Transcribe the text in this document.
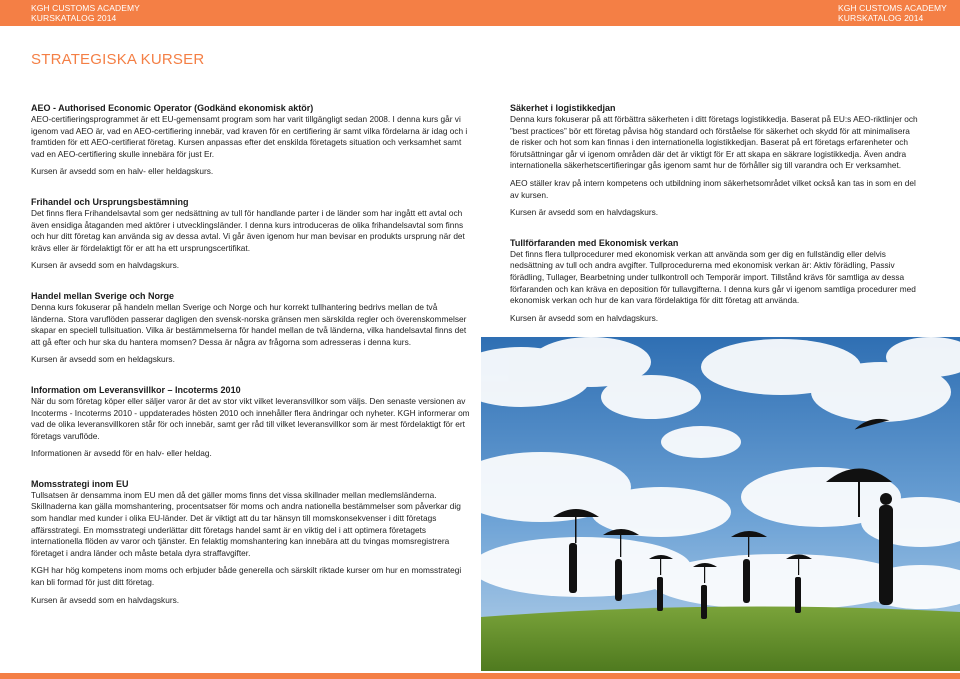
KGH CUSTOMS ACADEMY
KURSKATALOG 2014
KGH CUSTOMS ACADEMY
KURSKATALOG 2014
STRATEGISKA KURSER
AEO - Authorised Economic Operator (Godkänd ekonomisk aktör)

AEO-certifieringsprogrammet är ett EU-gemensamt program som har varit tillgängligt sedan 2008. I denna kurs går vi igenom vad AEO är, vad en AEO-certifiering innebär, vad kraven för en certifiering är samt vilka fördelarna är idag och i framtiden för ett AEO-certifierat företag. Kursen anpassas efter det enskilda företagets situation och verksamhet samt vad en AEO-certifiering skulle innebära för just Er.

Kursen är avsedd som en halv- eller heldagskurs.

Frihandel och Ursprungsbestämning

Det finns flera Frihandelsavtal som ger nedsättning av tull för handlande parter i de länder som har ingått ett avtal och även ensidiga åtaganden med aktörer i utvecklingsländer. I denna kurs introduceras de olika frihandelsavtal som finns och hur ditt företag kan använda sig av dessa avtal. Vi går även igenom hur man bevisar en produkts ursprung när det krävs eller är fördelaktigt för er att ha ett ursprungscertifikat.

Kursen är avsedd som en halvdagskurs.

Handel mellan Sverige och Norge

Denna kurs fokuserar på handeln mellan Sverige och Norge och hur korrekt tullhantering bedrivs mellan de två länderna. Stora varuflöden passerar dagligen den svensk-norska gränsen men särskilda regler och överenskommelser skapar en speciell tullsituation. Vilka är bestämmelserna för handel mellan de två länderna, vilka handelsavtal finns det att gå efter och hur ska du hantera momsen? Dessa är några av frågorna som adresseras i denna kurs.

Kursen är avsedd som en heldagskurs.

Information om Leveransvillkor – Incoterms 2010

När du som företag köper eller säljer varor är det av stor vikt vilket leveransvillkor som väljs. Den senaste versionen av Incoterms - Incoterms 2010 - uppdaterades hösten 2010 och innehåller flera ändringar och nyheter. KGH informerar om vad de olika leveransvillkoren står för och innebär, samt ger råd till vilket leveransvillkor som är mest fördelaktigt för ert företags varuflöde.

Informationen är avsedd för en halv- eller heldag.

Momsstrategi inom EU

Tullsatsen är densamma inom EU men då det gäller moms finns det vissa skillnader mellan medlemsländerna. Skillnaderna kan gälla momshantering, procentsatser för moms och andra nationella bestämmelser som påverkar dig som handlar med kunder i olika EU-länder. Det är viktigt att du tar hänsyn till momskonsekvenser i ditt företags affärsstrategi. En momsstrategi underlättar ditt företags handel samt är en viktig del i att optimera företagets internationella flöden av varor och tjänster. En felaktig momshantering kan innebära att du tvingas momsregistrera företaget i andra länder och måste betala dyra straffavgifter.

KGH har hög kompetens inom moms och erbjuder både generella och särskilt riktade kurser om hur en momsstrategi kan bli formad för just ditt företag.

Kursen är avsedd som en halvdagskurs.

Säkerhet i logistikkedjan

Denna kurs fokuserar på att förbättra säkerheten i ditt företags logistikkedja. Baserat på EU:s AEO-riktlinjer och ”best practices” bör ett företag påvisa hög standard och förståelse för säkerhet och skydd för att minimalisera de risker och hot som kan finnas i den internationella logistikkedjan. Baserat på ert företags erfarenheter och förutsättningar går vi igenom områden där det är viktigt för Er att skapa en säkrare logistikkedja. Även andra internationella säkerhetscertifieringar gås igenom samt hur de förhåller sig till varandra och Er verksamhet.

AEO ställer krav på intern kompetens och utbildning inom säkerhetsområdet vilket också kan tas in som en del av kursen.

Kursen är avsedd som en halvdagskurs.

Tullförfaranden med Ekonomisk verkan

Det finns flera tullprocedurer med ekonomisk verkan att använda som ger dig en fullständig eller delvis nedsättning av tull och andra avgifter. Tullprocedurerna med ekonomisk verkan är: Aktiv förädling, Passiv förädling, Tullager, Bearbetning under tullkontroll och Temporär import. Tillstånd krävs för samtliga av dessa förfaranden och kan kräva en deposition för tullavgifterna. I denna kurs går vi igenom samtliga procedurer med ekonomisk verkan och hur de kan vara fördelaktiga för ditt företag att använda.

Kursen är avsedd som en halvdagskurs.
